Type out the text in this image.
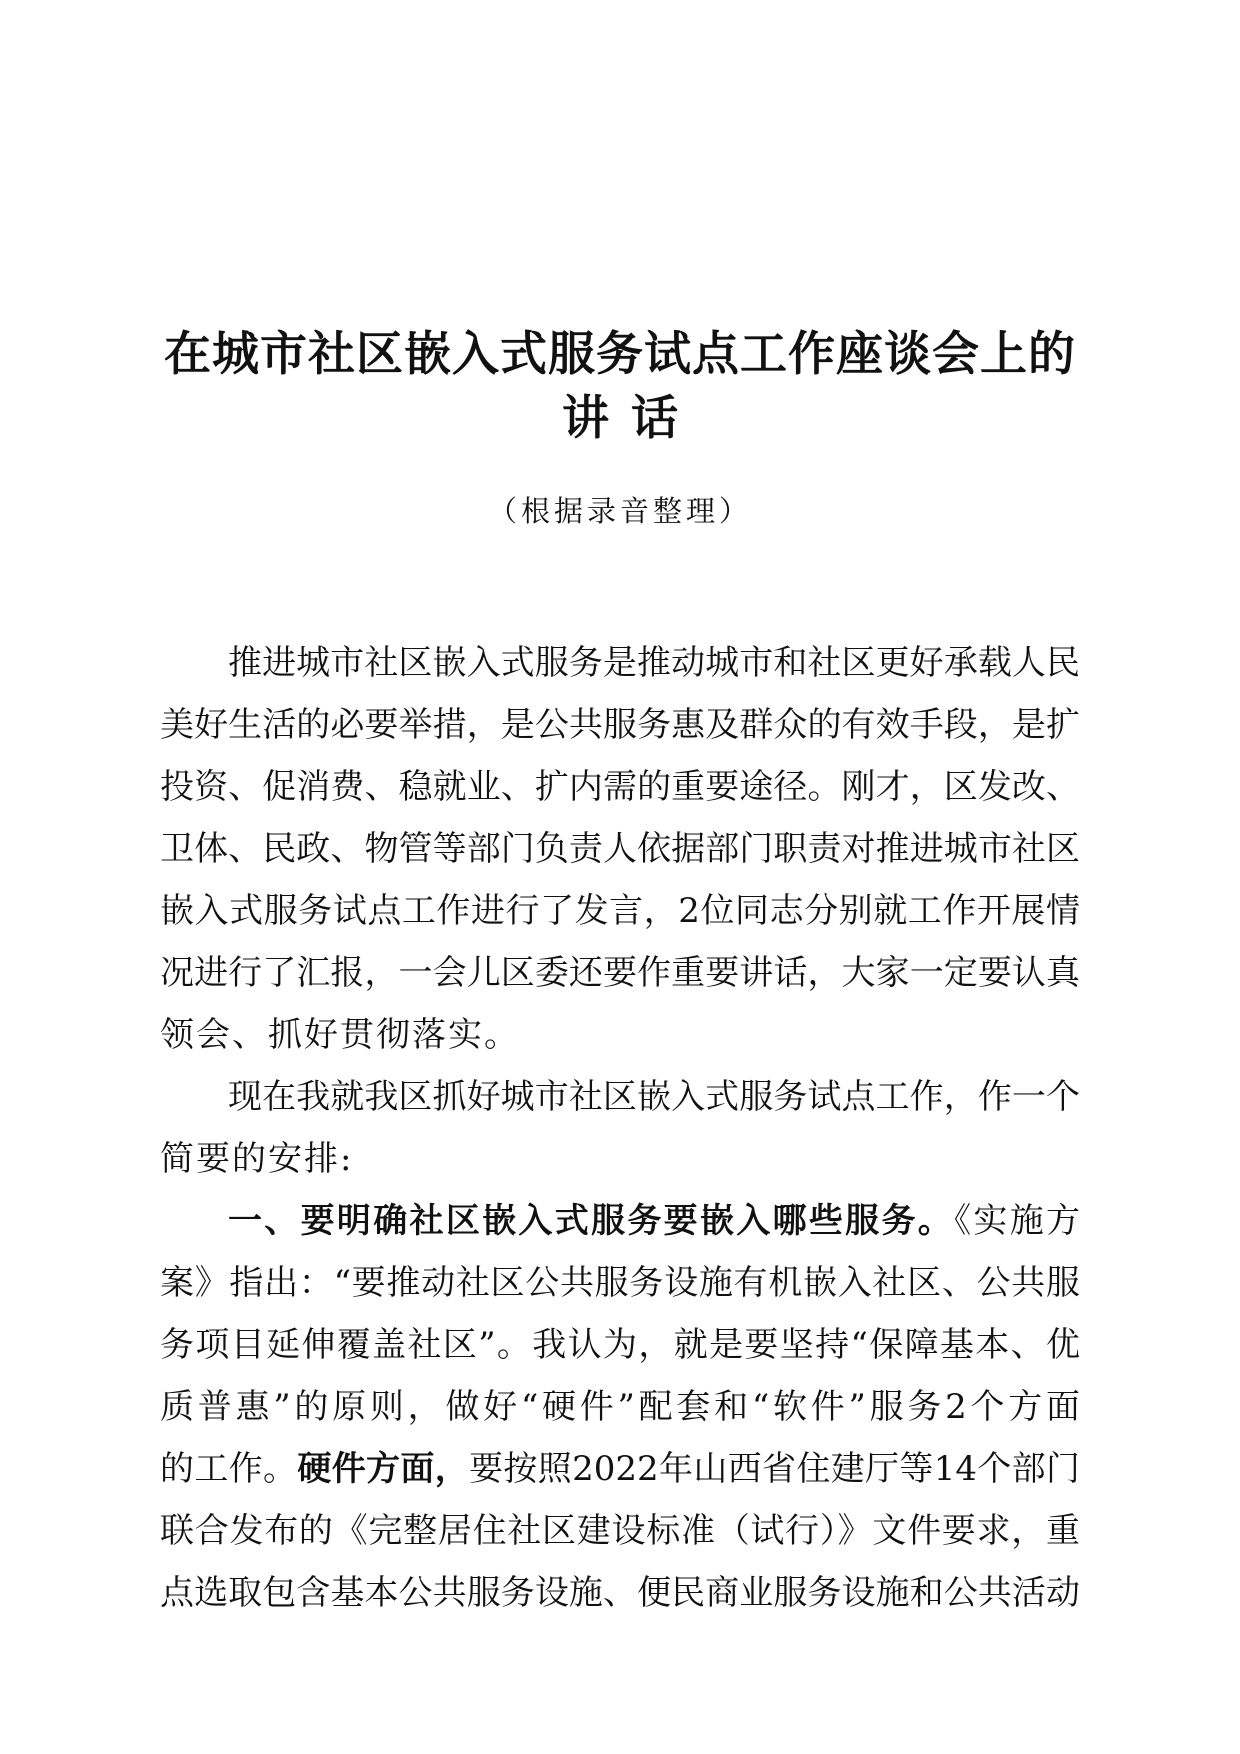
在城市社区嵌入式服务试点工作座谈会上的
讲话
（根据录音整理）
推进城市社区嵌入式服务是推动城市和社区更好承载人民
美好生活的必要举措，是公共服务惠及群众的有效手段，是扩
投资、促消费、稳就业、扩内需的重要途径。刚才，区发改、
卫体、民政、物管等部门负责人依据部门职责对推进城市社区
嵌入式服务试点工作进行了发言，2位同志分别就工作开展情
况进行了汇报，一会儿区委还要作重要讲话，大家一定要认真
领会、抓好贯彻落实。
现在我就我区抓好城市社区嵌入式服务试点工作，作一个
简要的安排:
一、要明确社区嵌入式服务要嵌入哪些服务。《实施方
案》指出：“要推动社区公共服务设施有机嵌入社区、公共服
务项目延伸覆盖社区”。我认为，就是要坚持“保障基本、优
质普惠”的原则，做好“硬件”配套和“软件”服务2个方面
的工作。硬件方面，要按照2022年山西省住建厅等14个部门
联合发布的《完整居住社区建设标准（试行）》文件要求，重
点选取包含基本公共服务设施、便民商业服务设施和公共活动
